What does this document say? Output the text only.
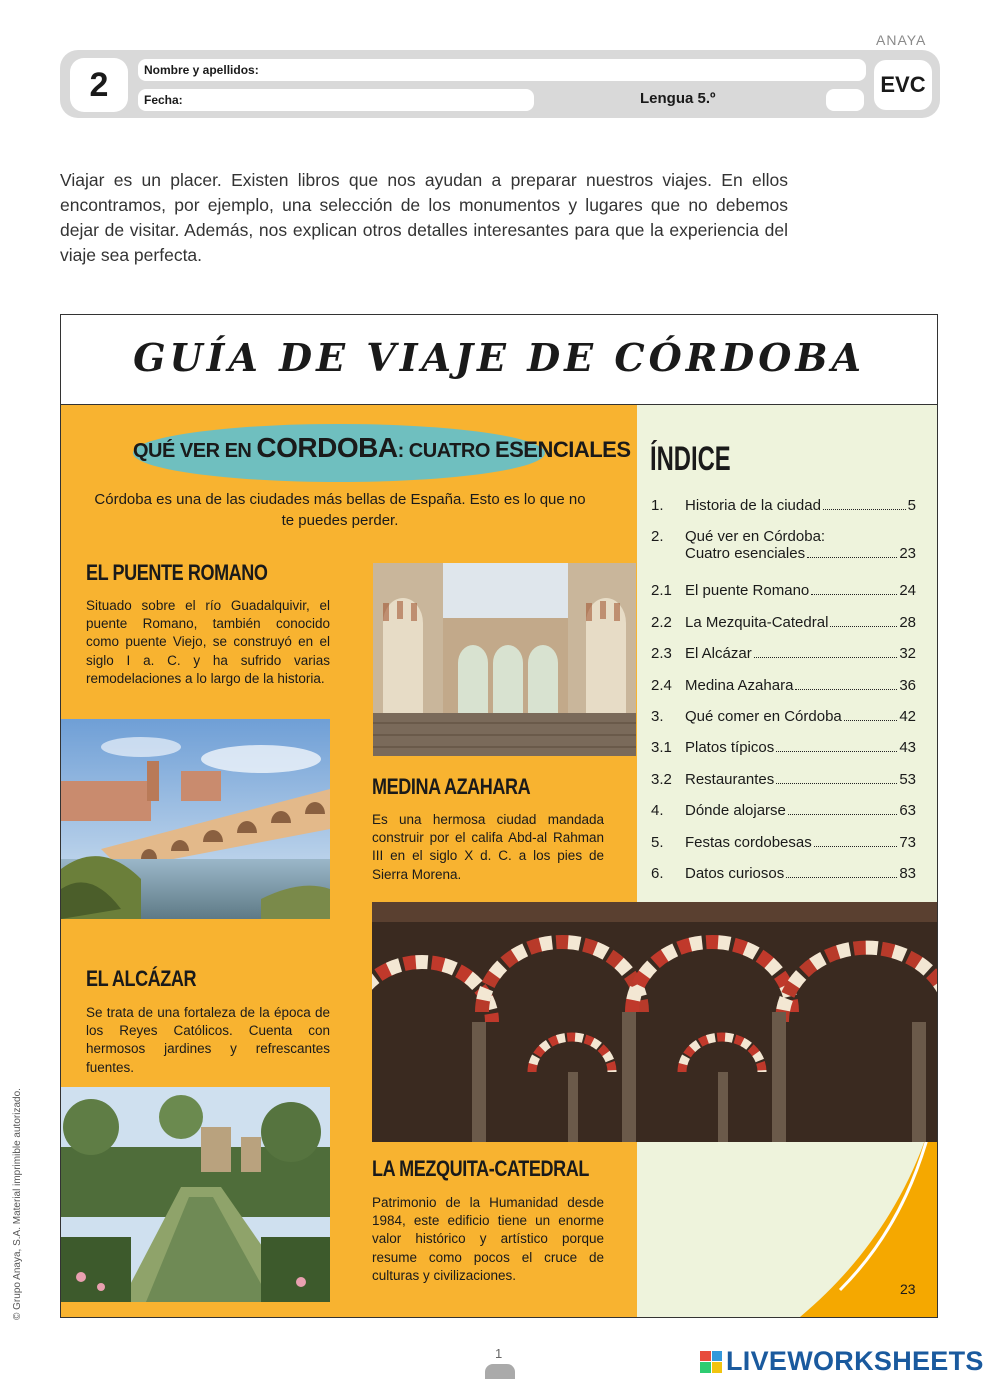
ANAYA
2	Nombre y apellidos:
Fecha:	Lengua 5.º
EVC
Viajar es un placer. Existen libros que nos ayudan a preparar nuestros viajes. En ellos encontramos, por ejemplo, una selección de los monumentos y lugares que no debemos dejar de visitar. Además, nos explican otros detalles interesantes para que la experiencia del viaje sea perfecta.
GUÍA DE VIAJE DE CÓRDOBA
QUÉ VER EN CORDOBA: CUATRO ESENCIALES
Córdoba es una de las ciudades más bellas de España. Esto es lo que no te puedes perder.
EL PUENTE ROMANO
Situado sobre el río Guadalquivir, el puente Romano, también conocido como puente Viejo, se construyó en el siglo I a. C. y ha sufrido varias remodelaciones a lo largo de la historia.
MEDINA AZAHARA
Es una hermosa ciudad mandada construir por el califa Abd-al Rahman III en el siglo X d. C. a los pies de Sierra Morena.
EL ALCÁZAR
Se trata de una fortaleza de la época de los Reyes Católicos. Cuenta con hermosos jardines y refrescantes fuentes.
LA MEZQUITA-CATEDRAL
Patrimonio de la Humanidad desde 1984, este edificio tiene un enorme valor histórico y artístico porque resume como pocos el cruce de culturas y civilizaciones.
ÍNDICE
1.	Historia de la ciudad	5
2.	Qué ver en Córdoba:
Cuatro esenciales	23
2.1 El puente Romano	24
2.2 La Mezquita-Catedral	28
2.3 El Alcázar	32
2.4 Medina Azahara	36
3.	Qué comer en Córdoba	42
3.1 Platos típicos	43
3.2 Restaurantes	53
4.	Dónde alojarse	63
5.	Festas cordobesas	73
6.	Datos curiosos	83
23
© Grupo Anaya, S.A. Material imprimible autorizado.
1	LIVEWORKSHEETS
